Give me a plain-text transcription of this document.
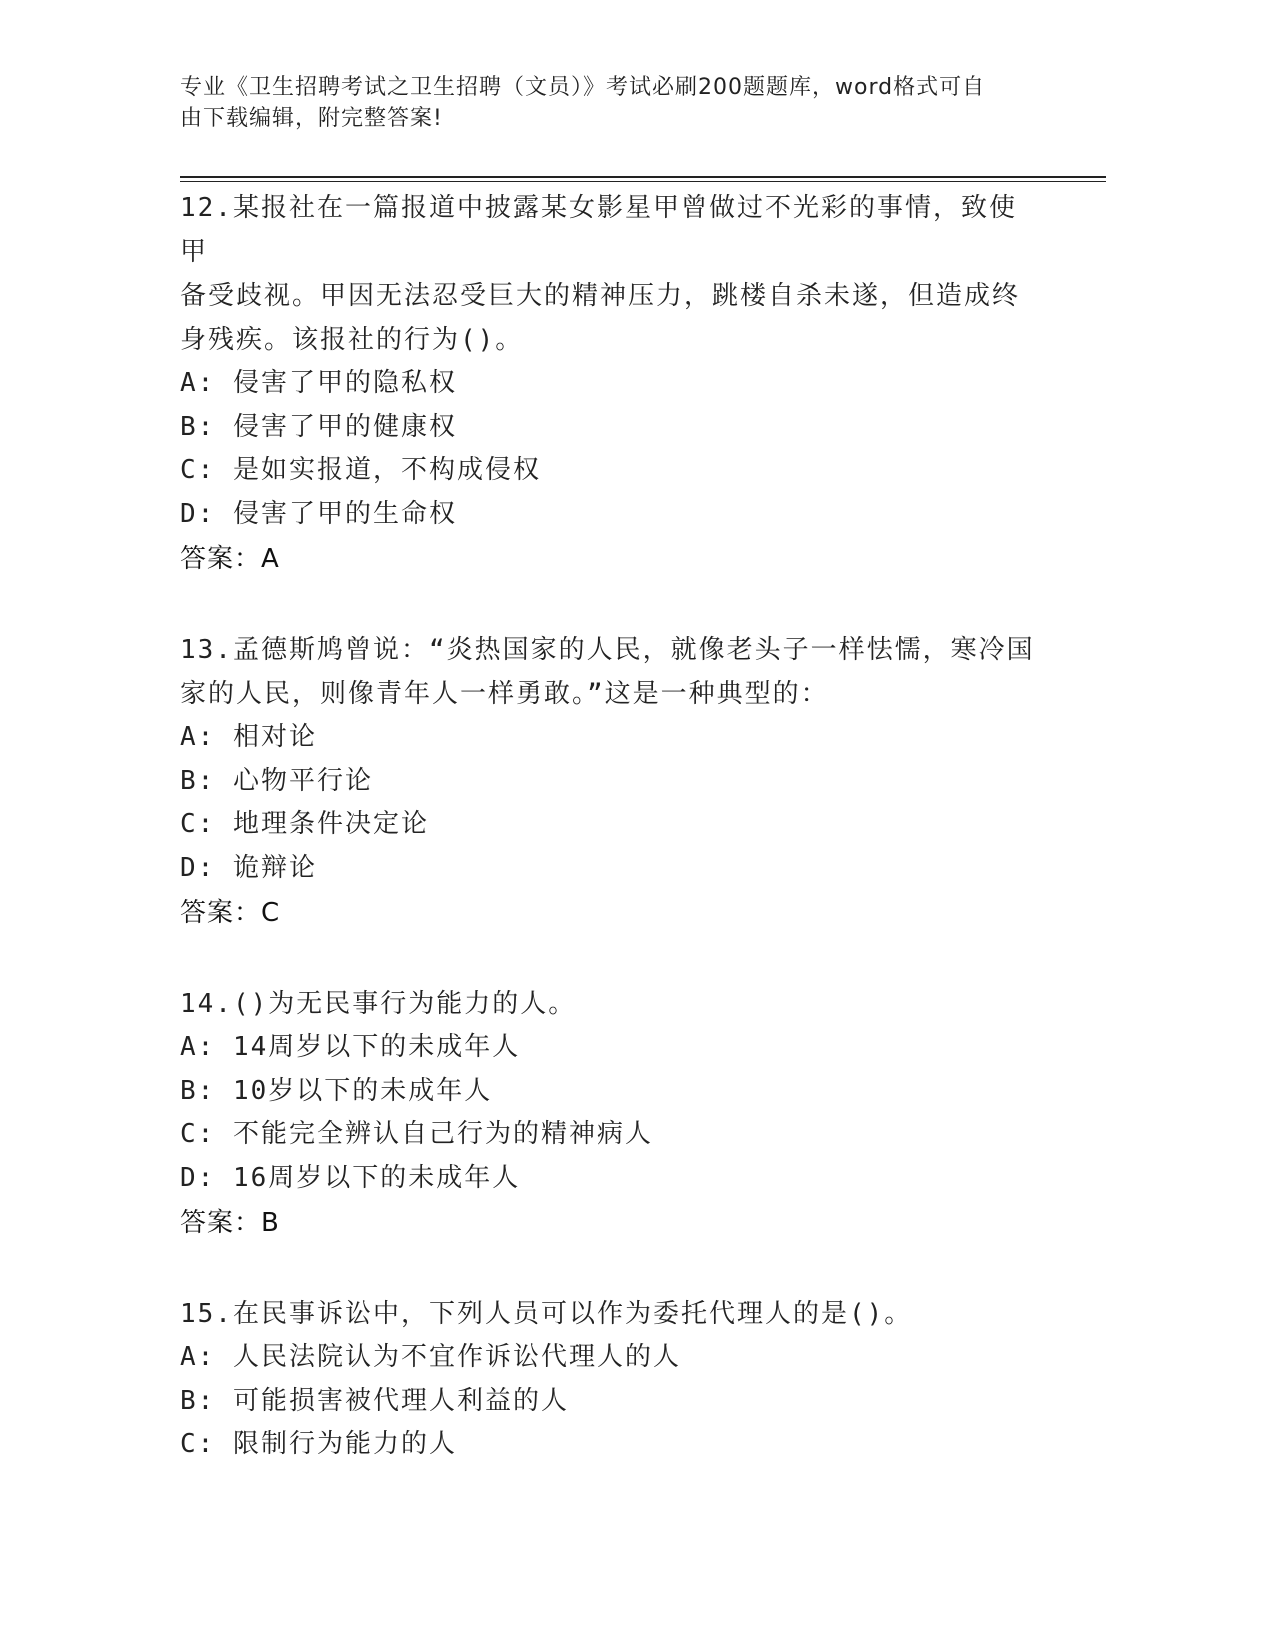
专业《卫生招聘考试之卫生招聘（文员）》考试必刷200题题库，word格式可自
由下载编辑，附完整答案!
12.某报社在一篇报道中披露某女影星甲曾做过不光彩的事情，致使甲
备受歧视。甲因无法忍受巨大的精神压力，跳楼自杀未遂，但造成终
身残疾。该报社的行为()。
A: 侵害了甲的隐私权
B: 侵害了甲的健康权
C: 是如实报道，不构成侵权
D: 侵害了甲的生命权
答案：A
13.孟德斯鸠曾说：“炎热国家的人民，就像老头子一样怯懦，寒冷国
家的人民，则像青年人一样勇敢。”这是一种典型的：
A: 相对论
B: 心物平行论
C: 地理条件决定论
D: 诡辩论
答案：C
14.()为无民事行为能力的人。
A: 14周岁以下的未成年人
B: 10岁以下的未成年人
C: 不能完全辨认自己行为的精神病人
D: 16周岁以下的未成年人
答案：B
15.在民事诉讼中，下列人员可以作为委托代理人的是()。
A: 人民法院认为不宜作诉讼代理人的人
B: 可能损害被代理人利益的人
C: 限制行为能力的人
